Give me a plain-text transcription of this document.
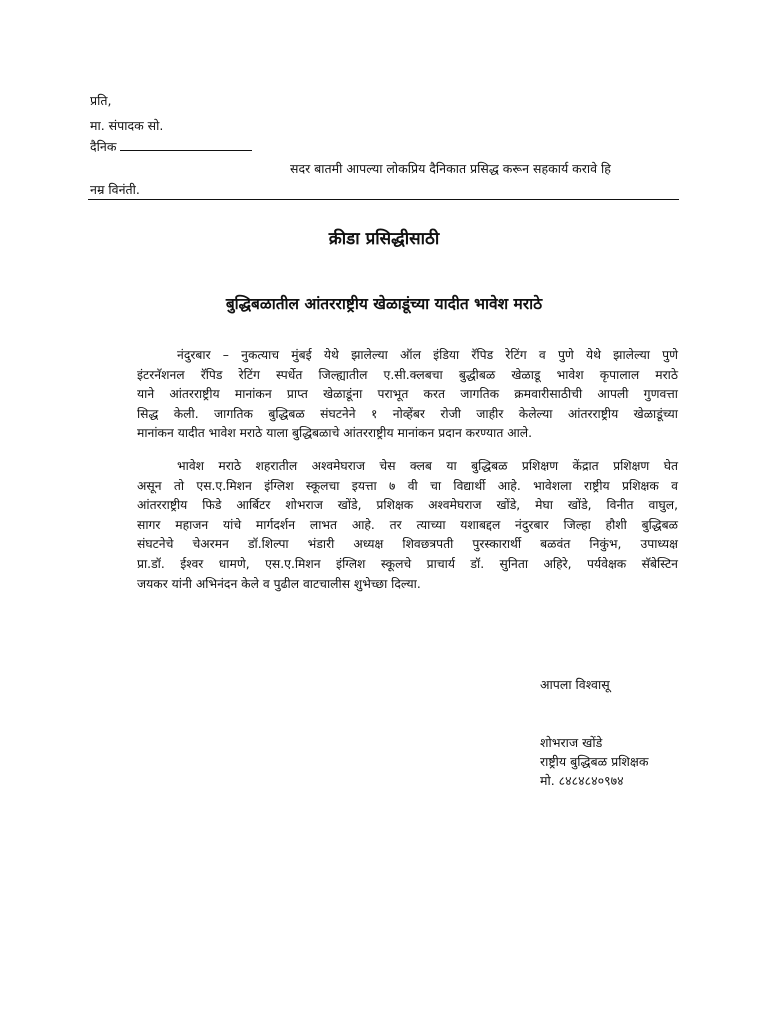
प्रति,
मा. संपादक सो.
दैनिक
सदर बातमी आपल्या लोकप्रिय दैनिकात प्रसिद्ध करून सहकार्य करावे हि
नम्र विनंती.
क्रीडा प्रसिद्धीसाठी
बुद्धिबळातील आंतरराष्ट्रीय खेळाडूंच्या यादीत भावेश मराठे
नंदुरबार – नुकत्याच मुंबई येथे झालेल्या ऑल इंडिया रॅपिड रेटिंग व पुणे येथे झालेल्या पुणे
इंटरनॅशनल रॅपिड रेटिंग स्पर्धेत जिल्ह्यातील ए.सी.क्लबचा बुद्धीबळ खेळाडू भावेश कृपालाल मराठे
याने आंतरराष्ट्रीय मानांकन प्राप्त खेळाडूंना पराभूत करत जागतिक क्रमवारीसाठीची आपली गुणवत्ता
सिद्ध केली. जागतिक बुद्धिबळ संघटनेने १ नोव्हेंबर रोजी जाहीर केलेल्या आंतरराष्ट्रीय खेळाडूंच्या
मानांकन यादीत भावेश मराठे याला बुद्धिबळाचे आंतरराष्ट्रीय मानांकन प्रदान करण्यात आले.
भावेश मराठे शहरातील अश्वमेघराज चेस क्लब या बुद्धिबळ प्रशिक्षण केंद्रात प्रशिक्षण घेत
असून तो एस.ए.मिशन इंग्लिश स्कूलचा इयत्ता ७ वी चा विद्यार्थी आहे. भावेशला राष्ट्रीय प्रशिक्षक व
आंतरराष्ट्रीय फिडे आर्बिटर शोभराज खोंडे, प्रशिक्षक अश्वमेघराज खोंडे, मेघा खोंडे, विनीत वाघुल,
सागर महाजन यांचे मार्गदर्शन लाभत आहे. तर त्याच्या यशाबद्दल नंदुरबार जिल्हा हौशी बुद्धिबळ
संघटनेचे चेअरमन डॉ.शिल्पा भंडारी अध्यक्ष शिवछत्रपती पुरस्कारार्थी बळवंत निकुंभ, उपाध्यक्ष
प्रा.डॉ. ईश्वर धामणे, एस.ए.मिशन इंग्लिश स्कूलचे प्राचार्य डॉ. सुनिता अहिरे, पर्यवेक्षक सॅबेस्टिन
जयकर यांनी अभिनंदन केले व पुढील वाटचालीस शुभेच्छा दिल्या.
आपला विश्वासू
शोभराज खोंडे
राष्ट्रीय बुद्धिबळ प्रशिक्षक
मो. ८४८४८४०९७४
